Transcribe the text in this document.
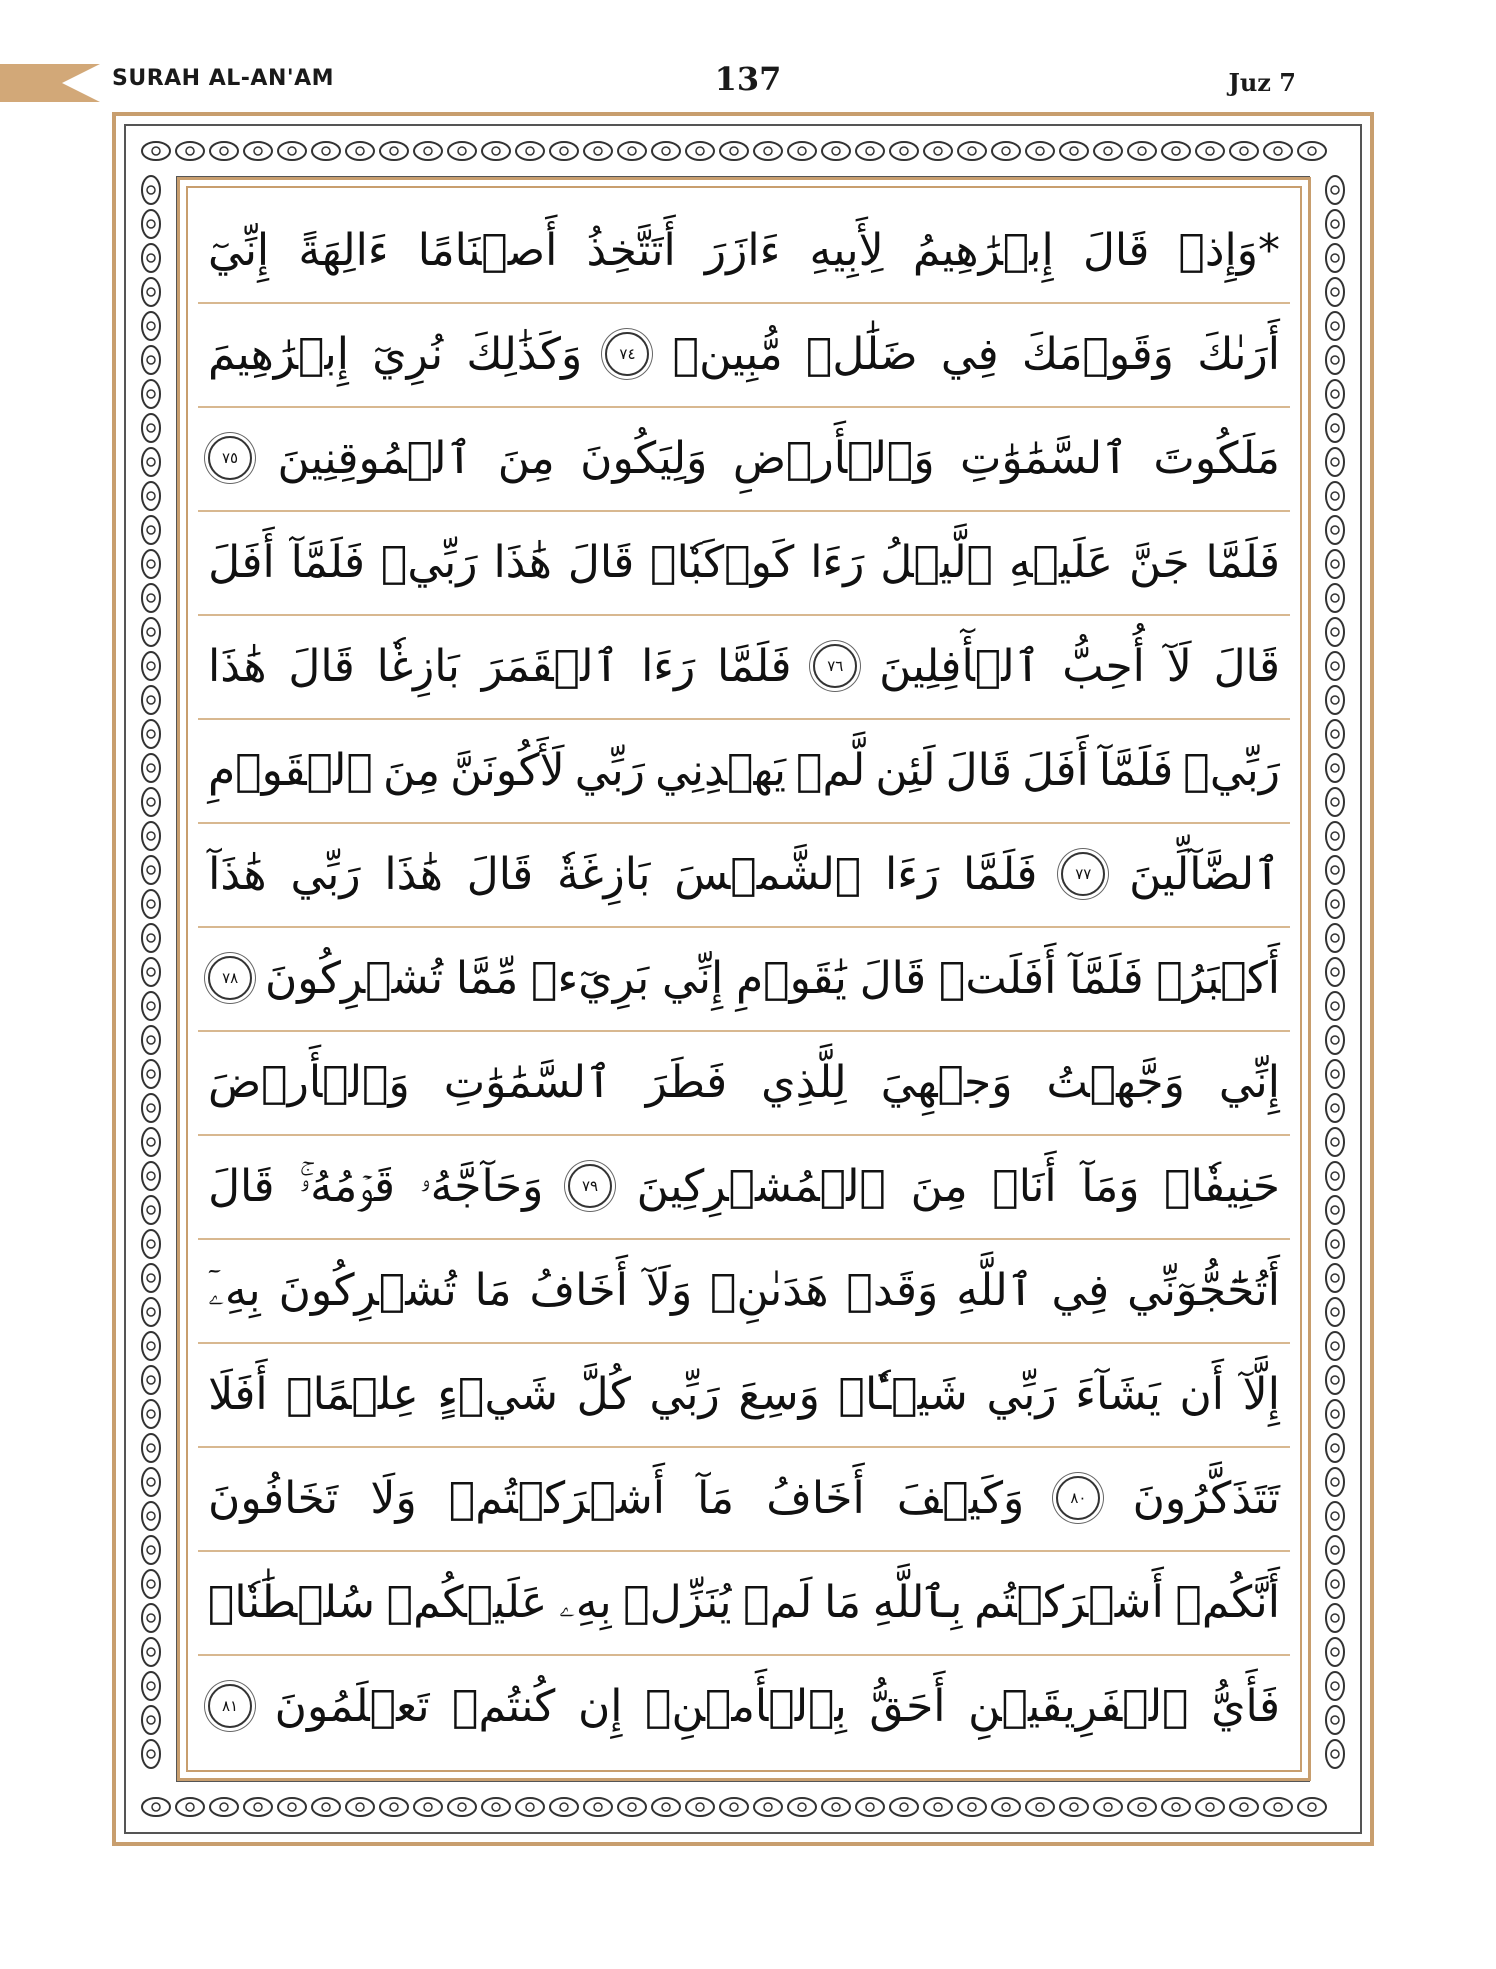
SURAH AL-AN'AM	137	Juz 7
*وَإِذۡ
قَالَ
إِبۡرَٰهِيمُ
لِأَبِيهِ
ءَازَرَ
أَتَتَّخِذُ
أَصۡنَامًا
ءَالِهَةً
إِنِّيٓ
أَرَىٰكَ
وَقَوۡمَكَ
فِي
ضَلَٰلٖ
مُّبِينٖ
٧٤
وَكَذَٰلِكَ
نُرِيٓ
إِبۡرَٰهِيمَ
مَلَكُوتَ
ٱلسَّمَٰوَٰتِ
وَٱلۡأَرۡضِ
وَلِيَكُونَ
مِنَ
ٱلۡمُوقِنِينَ
٧٥
فَلَمَّا
جَنَّ
عَلَيۡهِ
ٱلَّيۡلُ
رَءَا
كَوۡكَبٗاۖ
قَالَ
هَٰذَا
رَبِّيۖ
فَلَمَّآ
أَفَلَ
قَالَ
لَآ
أُحِبُّ
ٱلۡأٓفِلِينَ
٧٦
فَلَمَّا
رَءَا
ٱلۡقَمَرَ
بَازِغٗا
قَالَ
هَٰذَا
رَبِّيۖ
فَلَمَّآ
أَفَلَ
قَالَ
لَئِن
لَّمۡ
يَهۡدِنِي
رَبِّي
لَأَكُونَنَّ
مِنَ
ٱلۡقَوۡمِ
ٱلضَّآلِّينَ
٧٧
فَلَمَّا
رَءَا
ٱلشَّمۡسَ
بَازِغَةٗ
قَالَ
هَٰذَا
رَبِّي
هَٰذَآ
أَكۡبَرُۖ
فَلَمَّآ
أَفَلَتۡ
قَالَ
يَٰقَوۡمِ
إِنِّي
بَرِيٓءٞ
مِّمَّا
تُشۡرِكُونَ
٧٨
إِنِّي
وَجَّهۡتُ
وَجۡهِيَ
لِلَّذِي
فَطَرَ
ٱلسَّمَٰوَٰتِ
وَٱلۡأَرۡضَ
حَنِيفٗاۖ
وَمَآ
أَنَا۠
مِنَ
ٱلۡمُشۡرِكِينَ
٧٩
وَحَآجَّهُۥ
قَوۡمُهُۥۚ
قَالَ
أَتُحَٰٓجُّوٓنِّي
فِي
ٱللَّهِ
وَقَدۡ
هَدَىٰنِۚ
وَلَآ
أَخَافُ
مَا
تُشۡرِكُونَ
بِهِۦٓ
إِلَّآ
أَن
يَشَآءَ
رَبِّي
شَيۡـٔٗاۚ
وَسِعَ
رَبِّي
كُلَّ
شَيۡءٍ
عِلۡمًاۚ
أَفَلَا
تَتَذَكَّرُونَ
٨٠
وَكَيۡفَ
أَخَافُ
مَآ
أَشۡرَكۡتُمۡ
وَلَا
تَخَافُونَ
أَنَّكُمۡ
أَشۡرَكۡتُم
بِٱللَّهِ
مَا
لَمۡ
يُنَزِّلۡ
بِهِۦ
عَلَيۡكُمۡ
سُلۡطَٰنٗاۚ
فَأَيُّ
ٱلۡفَرِيقَيۡنِ
أَحَقُّ
بِٱلۡأَمۡنِۖ
إِن
كُنتُمۡ
تَعۡلَمُونَ
٨١
